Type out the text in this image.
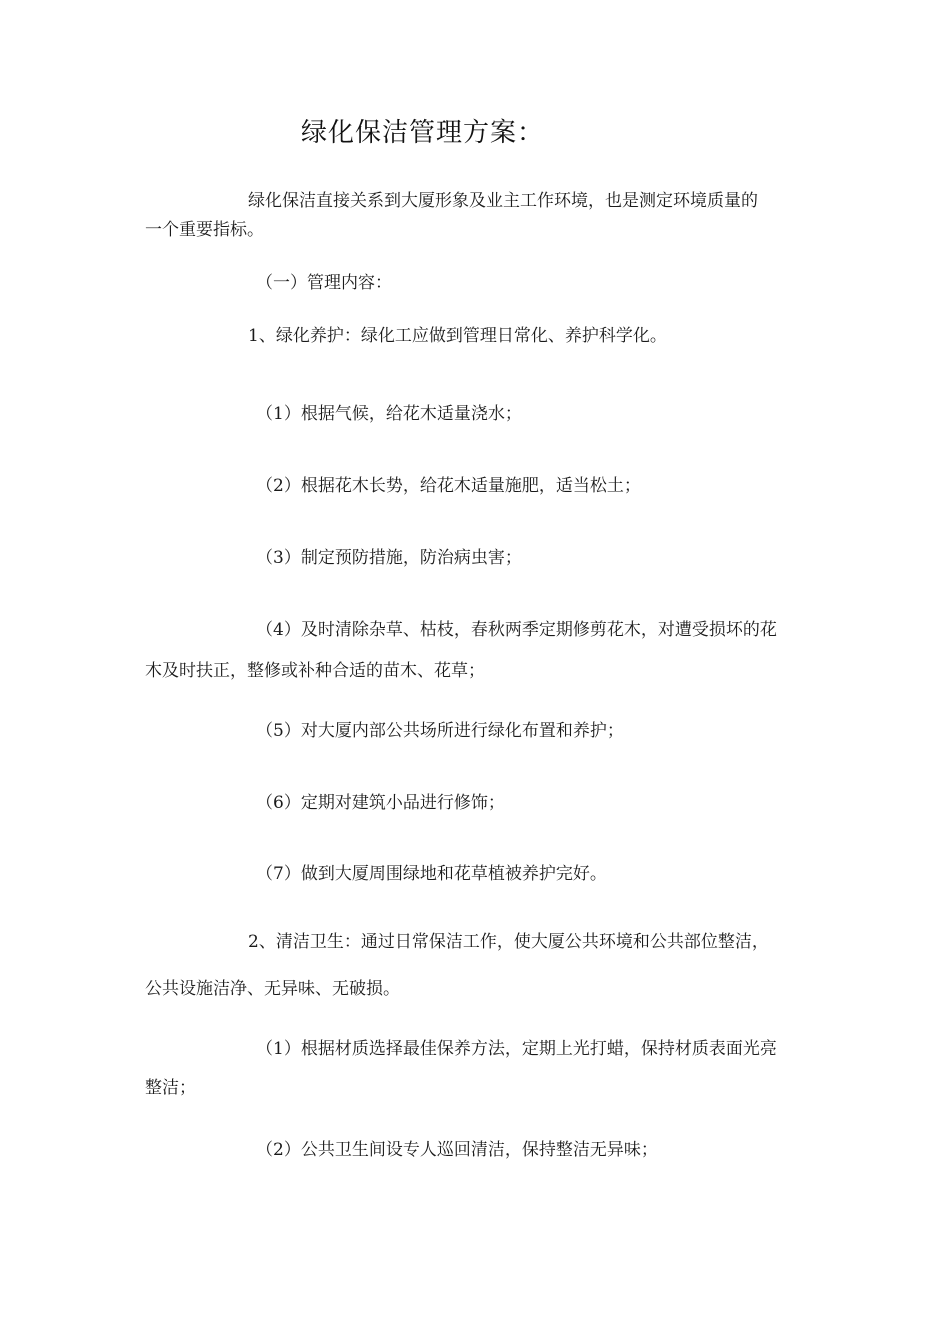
绿化保洁管理方案：
绿化保洁直接关系到大厦形象及业主工作环境，也是测定环境质量的
一个重要指标。
（一）管理内容：
1、绿化养护：绿化工应做到管理日常化、养护科学化。
（1）根据气候，给花木适量浇水；
（2）根据花木长势，给花木适量施肥，适当松土；
（3）制定预防措施，防治病虫害；
（4）及时清除杂草、枯枝，春秋两季定期修剪花木，对遭受损坏的花
木及时扶正，整修或补种合适的苗木、花草；
（5）对大厦内部公共场所进行绿化布置和养护；
（6）定期对建筑小品进行修饰；
（7）做到大厦周围绿地和花草植被养护完好。
2、清洁卫生：通过日常保洁工作，使大厦公共环境和公共部位整洁，
公共设施洁净、无异味、无破损。
（1）根据材质选择最佳保养方法，定期上光打蜡，保持材质表面光亮
整洁；
（2）公共卫生间设专人巡回清洁，保持整洁无异味；
